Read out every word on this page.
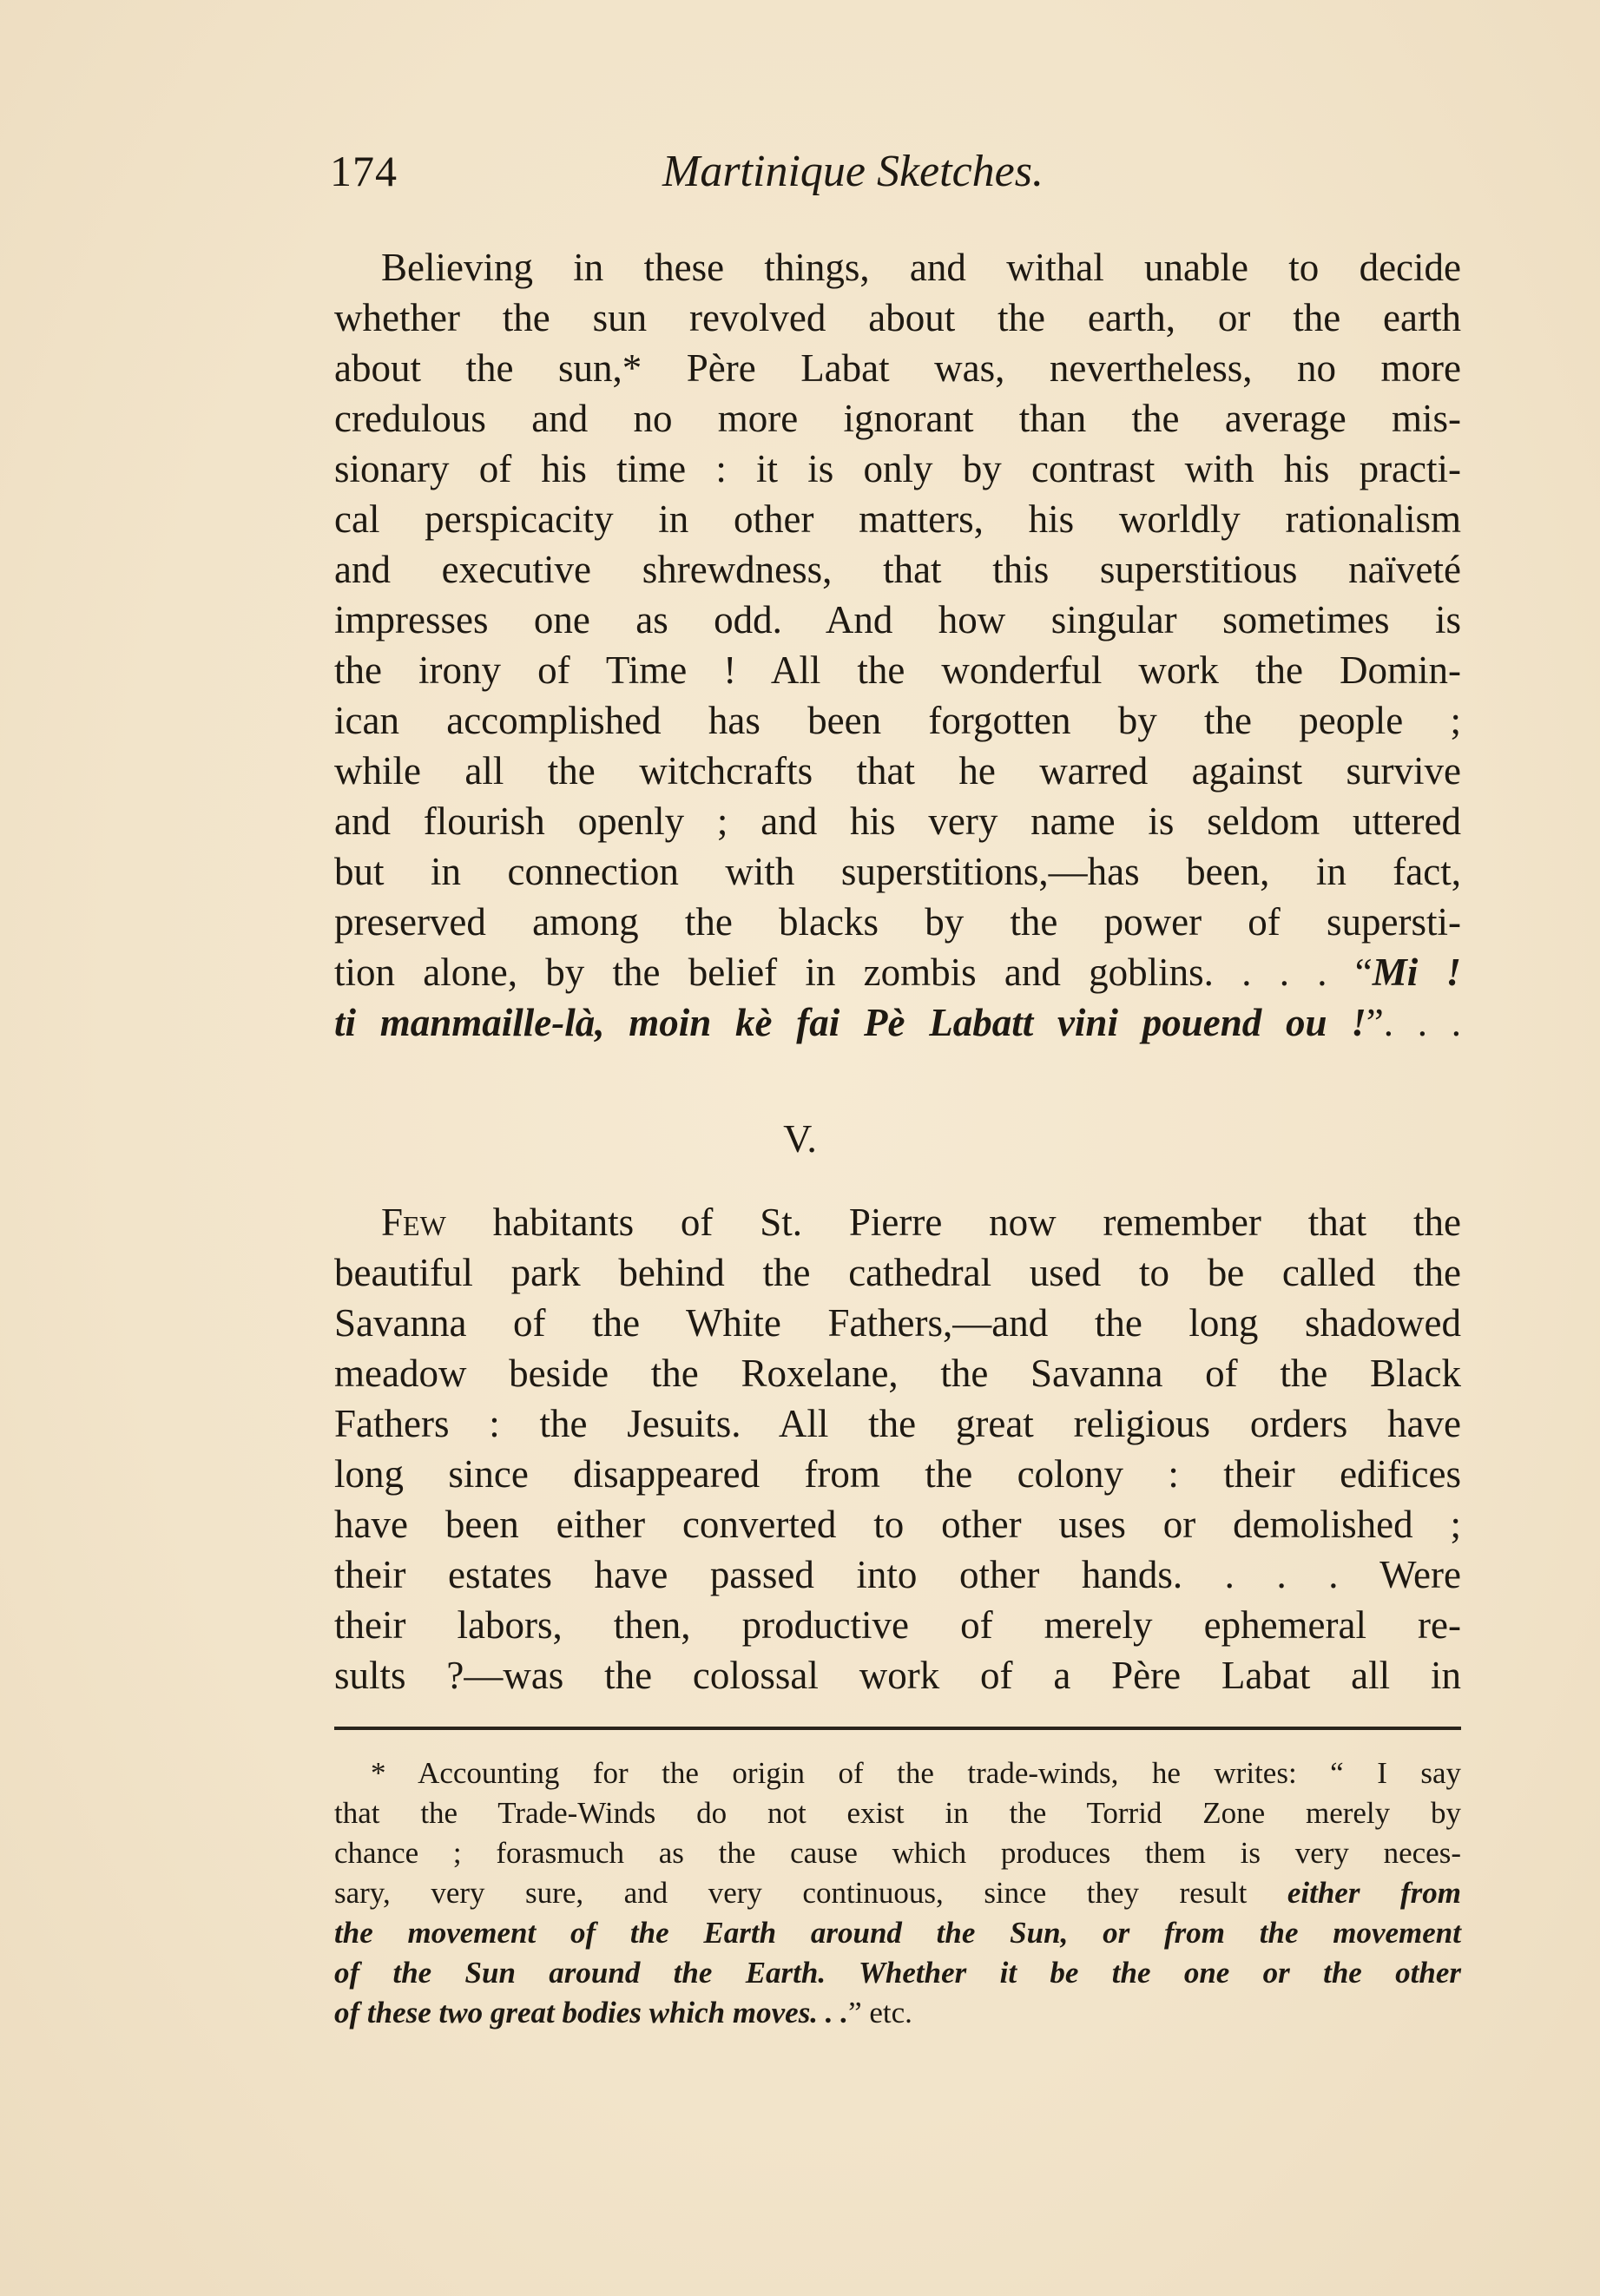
174	Martinique Sketches.
Believing in these things, and withal unable to decide
whether the sun revolved about the earth, or the earth
about the sun,* Père Labat was, nevertheless, no more
credulous and no more ignorant than the average mis-
sionary of his time : it is only by contrast with his practi-
cal perspicacity in other matters, his worldly rationalism
and executive shrewdness, that this superstitious naïveté
impresses one as odd. And how singular sometimes is
the irony of Time ! All the wonderful work the Domin-
ican accomplished has been forgotten by the people ;
while all the witchcrafts that he warred against survive
and flourish openly ; and his very name is seldom uttered
but in connection with superstitions,—has been, in fact,
preserved among the blacks by the power of supersti-
tion alone, by the belief in zombis and goblins. . . . “Mi !
ti manmaille-là, moin kè fai Pè Labatt vini pouend ou !”. . .
V.
Few habitants of St. Pierre now remember that the
beautiful park behind the cathedral used to be called the
Savanna of the White Fathers,—and the long shadowed
meadow beside the Roxelane, the Savanna of the Black
Fathers : the Jesuits. All the great religious orders have
long since disappeared from the colony : their edifices
have been either converted to other uses or demolished ;
their estates have passed into other hands. . . . Were
their labors, then, productive of merely ephemeral re-
sults ?—was the colossal work of a Père Labat all in
* Accounting for the origin of the trade-winds, he writes: “ I say
that the Trade-Winds do not exist in the Torrid Zone merely by
chance ; forasmuch as the cause which produces them is very neces-
sary, very sure, and very continuous, since they result either from
the movement of the Earth around the Sun, or from the movement
of the Sun around the Earth. Whether it be the one or the other
of these two great bodies which moves. . .” etc.
